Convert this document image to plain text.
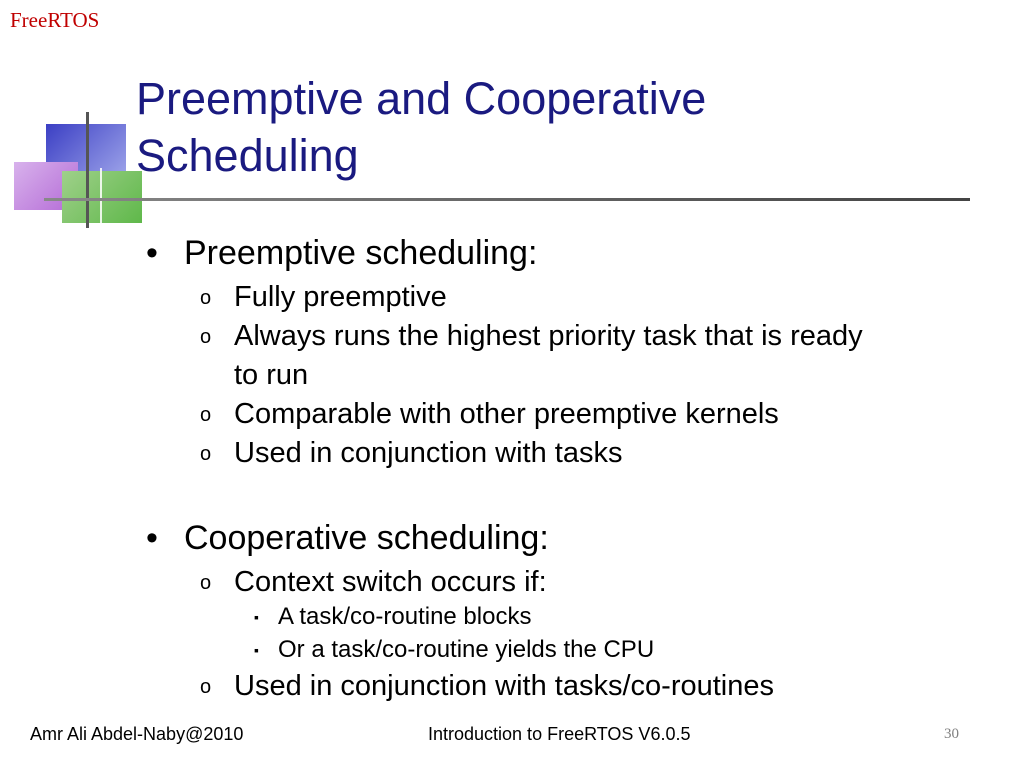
FreeRTOS
Preemptive and Cooperative
Scheduling
• Preemptive scheduling:
o Fully preemptive
o Always runs the highest priority task that is ready
to run
o Comparable with other preemptive kernels
o Used in conjunction with tasks
• Cooperative scheduling:
o Context switch occurs if:
▪ A task/co-routine blocks
▪ Or a task/co-routine yields the CPU
o Used in conjunction with tasks/co-routines
Amr Ali Abdel-Naby@2010	Introduction to FreeRTOS V6.0.5	30
